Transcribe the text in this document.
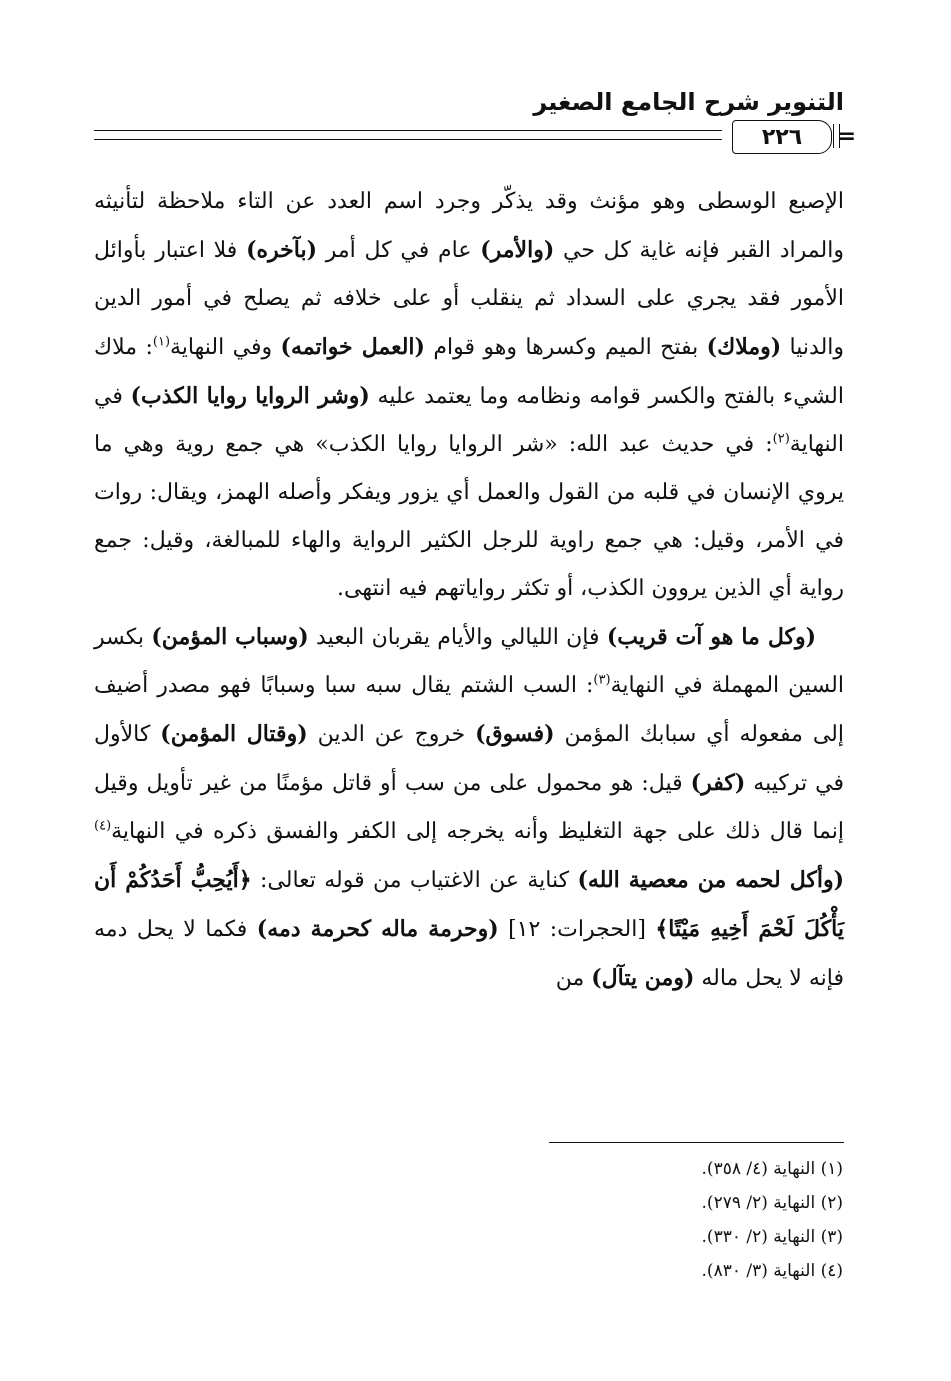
التنوير شرح الجامع الصغير
٢٢٦ =

الإصبع الوسطى وهو مؤنث وقد يذكّر وجرد اسم العدد عن التاء ملاحظة لتأنيثه والمراد القبر فإنه غاية كل حي (والأمر) عام في كل أمر (بآخره) فلا اعتبار بأوائل الأمور فقد يجري على السداد ثم ينقلب أو على خلافه ثم يصلح في أمور الدين والدنيا (وملاك) بفتح الميم وكسرها وهو قوام (العمل خواتمه) وفي النهاية$^{(١)}$: ملاك الشيء بالفتح والكسر قوامه ونظامه وما يعتمد عليه (وشر الروايا روايا الكذب) في النهاية$^{(٢)}$: في حديث عبد الله: «شر الروايا روايا الكذب» هي جمع روية وهي ما يروي الإنسان في قلبه من القول والعمل أي يزور ويفكر وأصله الهمز، ويقال: روات في الأمر، وقيل: هي جمع راوية للرجل الكثير الرواية والهاء للمبالغة، وقيل: جمع رواية أي الذين يروون الكذب، أو تكثر رواياتهم فيه انتهى.

(وكل ما هو آت قريب) فإن الليالي والأيام يقربان البعيد (وسباب المؤمن) بكسر السين المهملة في النهاية$^{(٣)}$: السب الشتم يقال سبه سبا وسبابًا فهو مصدر أضيف إلى مفعوله أي سبابك المؤمن (فسوق) خروج عن الدين (وقتال المؤمن) كالأول في تركيبه (كفر) قيل: هو محمول على من سب أو قاتل مؤمنًا من غير تأويل وقيل إنما قال ذلك على جهة التغليظ وأنه يخرجه إلى الكفر والفسق ذكره في النهاية$^{(٤)}$ (وأكل لحمه من معصية الله) كناية عن الاغتياب من قوله تعالى: ﴿أَيُحِبُّ أَحَدُكُمْ أَن يَأْكُلَ لَحْمَ أَخِيهِ مَيْتًا﴾ [الحجرات: ١٢] (وحرمة ماله كحرمة دمه) فكما لا يحل دمه فإنه لا يحل ماله (ومن يتآل) من

(١) النهاية (٤/ ٣٥٨).
(٢) النهاية (٢/ ٢٧٩).
(٣) النهاية (٢/ ٣٣٠).
(٤) النهاية (٣/ ٨٣٠).
